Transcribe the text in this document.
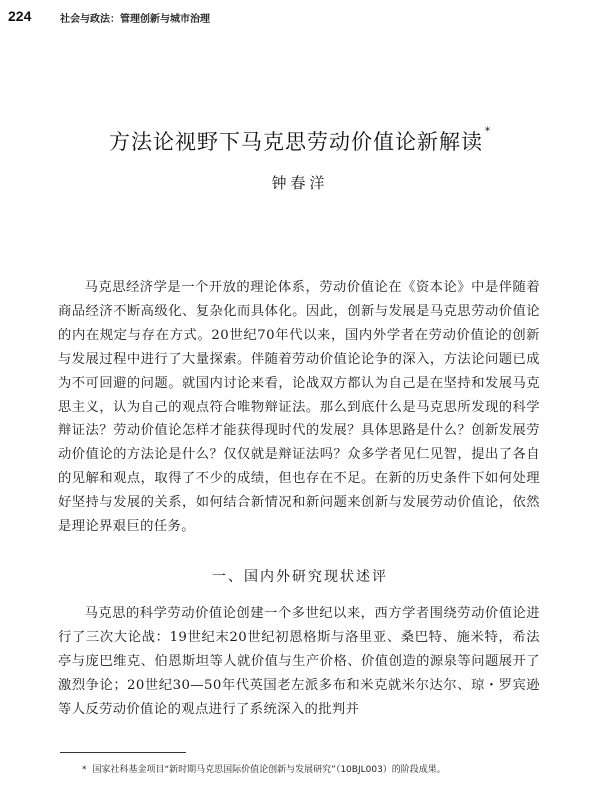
224	社会与政法：管理创新与城市治理
方法论视野下马克思劳动价值论新解读 *
钟春洋

马克思经济学是一个开放的理论体系，劳动价值论在《资本论》中是伴随着商品经济不断高级化、复杂化而具体化。因此，创新与发展是马克思劳动价值论的内在规定与存在方式。20世纪70年代以来，国内外学者在劳动价值论的创新与发展过程中进行了大量探索。伴随着劳动价值论论争的深入，方法论问题已成为不可回避的问题。就国内讨论来看，论战双方都认为自己是在坚持和发展马克思主义，认为自己的观点符合唯物辩证法。那么到底什么是马克思所发现的科学辩证法？劳动价值论怎样才能获得现时代的发展？具体思路是什么？创新发展劳动价值论的方法论是什么？仅仅就是辩证法吗？众多学者见仁见智，提出了各自的见解和观点，取得了不少的成绩，但也存在不足。在新的历史条件下如何处理好坚持与发展的关系，如何结合新情况和新问题来创新与发展劳动价值论，依然是理论界艰巨的任务。

一、国内外研究现状述评

马克思的科学劳动价值论创建一个多世纪以来，西方学者围绕劳动价值论进行了三次大论战：19世纪末20世纪初恩格斯与洛里亚、桑巴特、施米特，希法亭与庞巴维克、伯恩斯坦等人就价值与生产价格、价值创造的源泉等问题展开了激烈争论；20世纪30—50年代英国老左派多布和米克就米尔达尔、琼・罗宾逊等人反劳动价值论的观点进行了系统深入的批判并

* 国家社科基金项目“新时期马克思国际价值论创新与发展研究”（10BJL003）的阶段成果。
